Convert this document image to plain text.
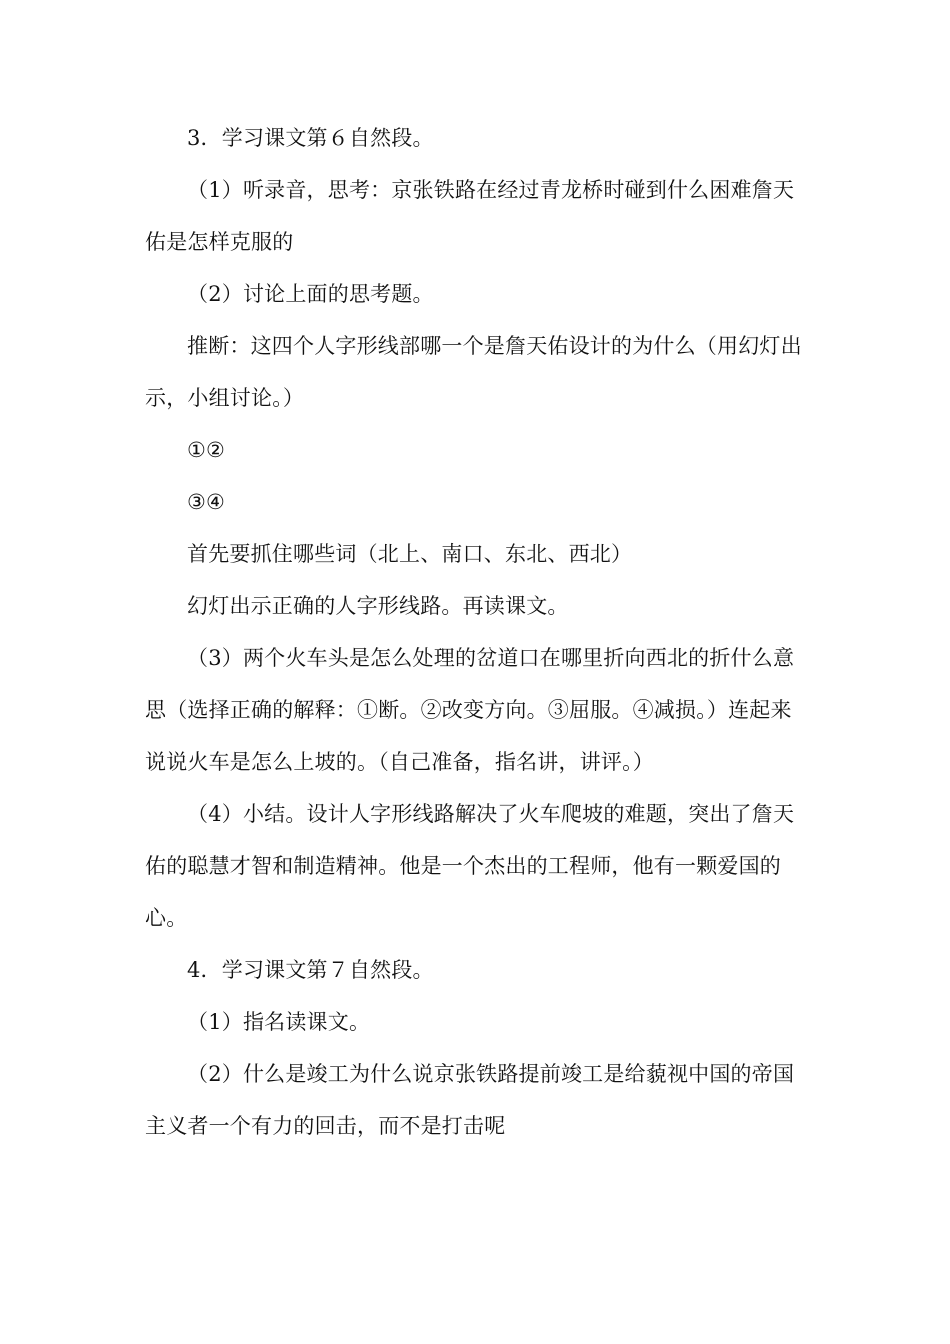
3．学习课文第６自然段。

（1）听录音，思考：京张铁路在经过青龙桥时碰到什么困难詹天佑是怎样克服的

（2）讨论上面的思考题。

推断：这四个人字形线部哪一个是詹天佑设计的为什么（用幻灯出示，小组讨论。）

①②

③④

首先要抓住哪些词（北上、南口、东北、西北）

幻灯出示正确的人字形线路。再读课文。

（3）两个火车头是怎么处理的岔道口在哪里折向西北的折什么意思（选择正确的解释：①断。②改变方向。③屈服。④减损。）连起来说说火车是怎么上坡的。（自己准备，指名讲，讲评。）

（4）小结。设计人字形线路解决了火车爬坡的难题，突出了詹天佑的聪慧才智和制造精神。他是一个杰出的工程师，他有一颗爱国的心。

4．学习课文第７自然段。

（1）指名读课文。

（2）什么是竣工为什么说京张铁路提前竣工是给藐视中国的帝国主义者一个有力的回击，而不是打击呢
